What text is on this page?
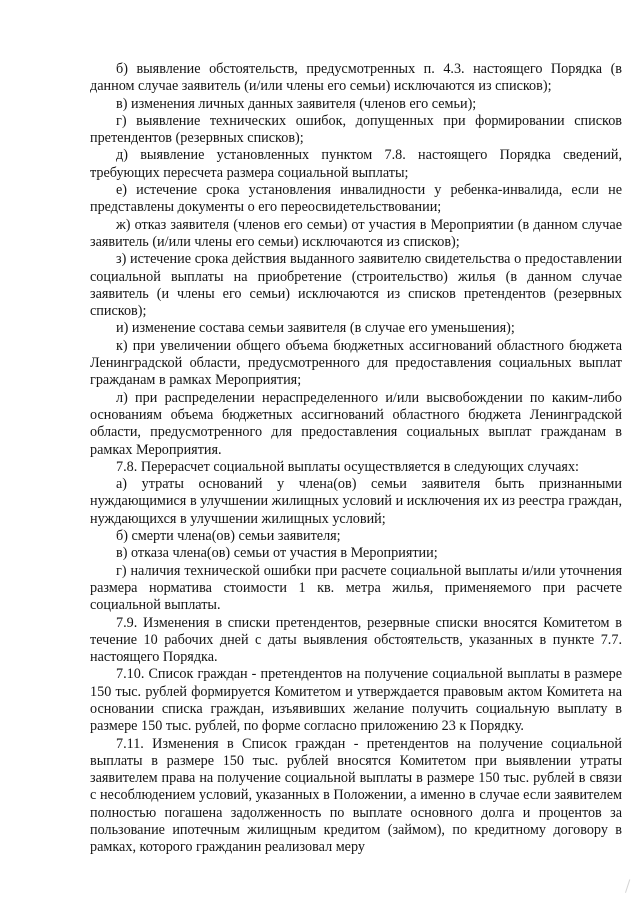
б) выявление обстоятельств, предусмотренных п. 4.3. настоящего Порядка (в данном случае заявитель (и/или члены его семьи) исключаются из списков);

в) изменения личных данных заявителя (членов его семьи);

г) выявление технических ошибок, допущенных при формировании списков претендентов (резервных списков);

д) выявление установленных пунктом 7.8. настоящего Порядка сведений, требующих пересчета размера социальной выплаты;

е) истечение срока установления инвалидности у ребенка-инвалида, если не представлены документы о его переосвидетельствовании;

ж) отказ заявителя (членов его семьи) от участия в Мероприятии (в данном случае заявитель (и/или члены его семьи) исключаются из списков);

з) истечение срока действия выданного заявителю свидетельства о предоставлении социальной выплаты на приобретение (строительство) жилья (в данном случае заявитель (и члены его семьи) исключаются из списков претендентов (резервных списков);

и) изменение состава семьи заявителя (в случае его уменьшения);

к) при увеличении общего объема бюджетных ассигнований областного бюджета Ленинградской области, предусмотренного для предоставления социальных выплат гражданам в рамках Мероприятия;

л) при распределении нераспределенного и/или высвобождении по каким-либо основаниям объема бюджетных ассигнований областного бюджета Ленинградской области, предусмотренного для предоставления социальных выплат гражданам в рамках Мероприятия.

7.8. Перерасчет социальной выплаты осуществляется в следующих случаях:

а) утраты оснований у члена(ов) семьи заявителя быть признанными нуждающимися в улучшении жилищных условий и исключения их из реестра граждан, нуждающихся в улучшении жилищных условий;

б) смерти члена(ов) семьи заявителя;

в) отказа члена(ов) семьи от участия в Мероприятии;

г) наличия технической ошибки при расчете социальной выплаты и/или уточнения размера норматива стоимости 1 кв. метра жилья, применяемого при расчете социальной выплаты.

7.9. Изменения в списки претендентов, резервные списки вносятся Комитетом в течение 10 рабочих дней с даты выявления обстоятельств, указанных в пункте 7.7. настоящего Порядка.

7.10. Список граждан - претендентов на получение социальной выплаты в размере 150 тыс. рублей формируется Комитетом и утверждается правовым актом Комитета на основании списка граждан, изъявивших желание получить социальную выплату в размере 150 тыс. рублей, по форме согласно приложению 23 к Порядку.

7.11. Изменения в Список граждан - претендентов на получение социальной выплаты в размере 150 тыс. рублей вносятся Комитетом при выявлении утраты заявителем права на получение социальной выплаты в размере 150 тыс. рублей в связи с несоблюдением условий, указанных в Положении, а именно в случае если заявителем полностью погашена задолженность по выплате основного долга и процентов за пользование ипотечным жилищным кредитом (займом), по кредитному договору в рамках, которого гражданин реализовал меру
